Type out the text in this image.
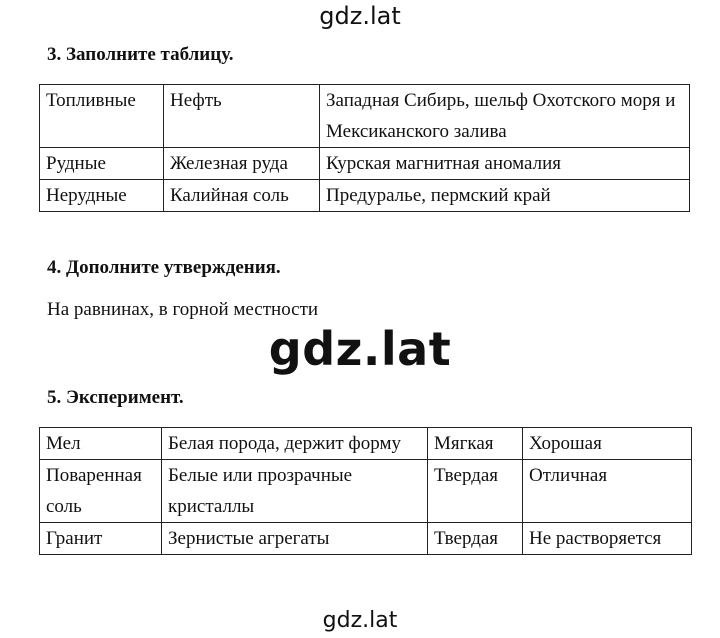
gdz.lat
3. Заполните таблицу.
Топливные	Нефть	Западная Сибирь, шельф Охотского моря и Мексиканского залива
Рудные	Железная руда	Курская магнитная аномалия
Нерудные	Калийная соль	Предуралье, пермский край
4. Дополните утверждения.
На равнинах, в горной местности
gdz.lat
5. Эксперимент.
Мел	Белая порода, держит форму	Мягкая	Хорошая
Поваренная соль	Белые или прозрачные кристаллы	Твердая	Отличная
Гранит	Зернистые агрегаты	Твердая	Не растворяется
gdz.lat
